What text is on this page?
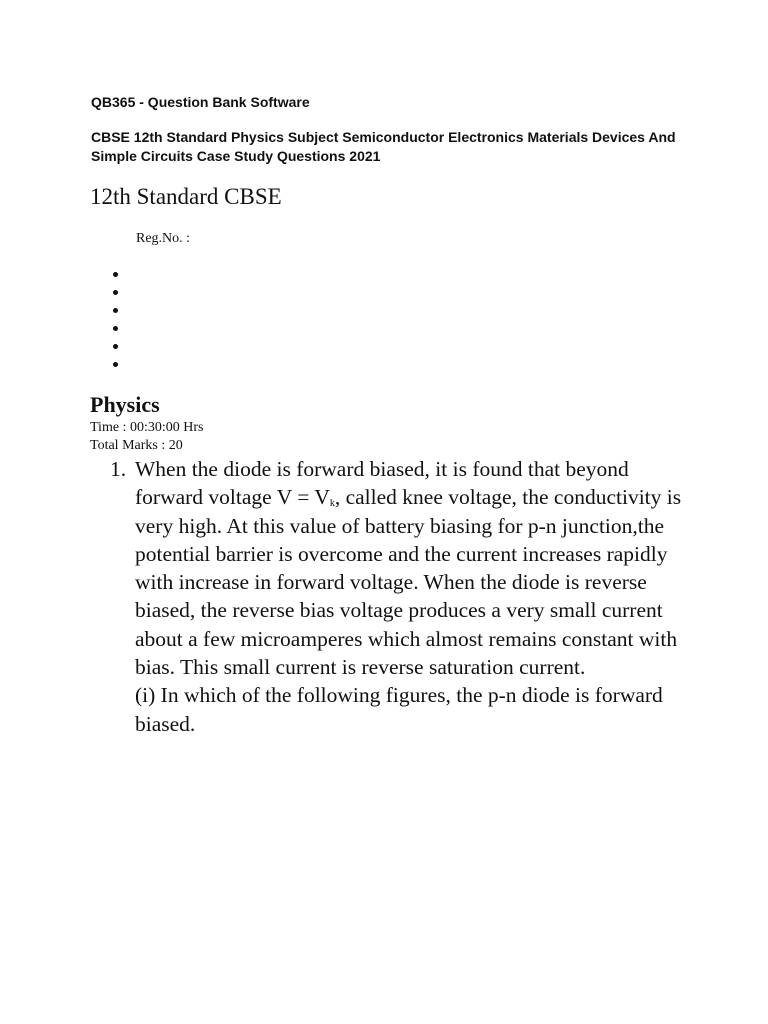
QB365 - Question Bank Software
CBSE 12th Standard Physics Subject Semiconductor Electronics Materials Devices And Simple Circuits Case Study Questions 2021
12th Standard CBSE
Reg.No. :
Physics
Time : 00:30:00 Hrs
Total Marks : 20
1. When the diode is forward biased, it is found that beyond forward voltage $V = V_k$, called knee voltage, the conductivity is very high. At this value of battery biasing for p-n junction,the potential barrier is overcome and the current increases rapidly with increase in forward voltage. When the diode is reverse biased, the reverse bias voltage produces a very small current about a few microamperes which almost remains constant with bias. This small current is reverse saturation current.
(i) In which of the following figures, the p-n diode is forward biased.
